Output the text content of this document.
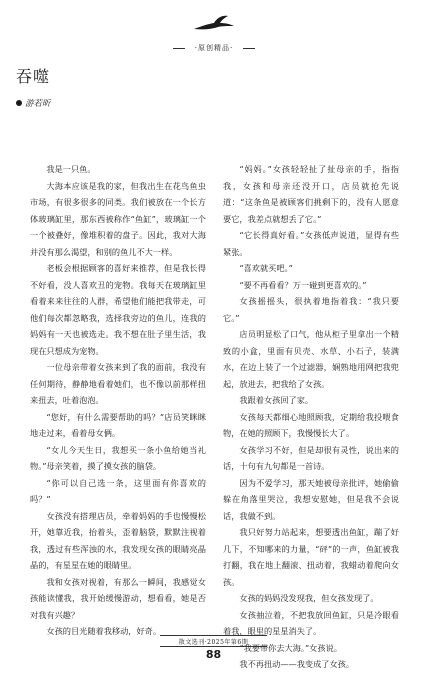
·原创精品·
吞噬
游若昕

我是一只鱼。

大海本应该是我的家，但我出生在花鸟鱼虫市场，有很多很多的同类。我们被放在一个长方体玻璃缸里，那东西被称作“鱼缸”，玻璃缸一个一个被叠好，像堆积着的盘子。因此，我对大海并没有那么渴望，和别的鱼儿不大一样。

老板会根据顾客的喜好来推荐，但是我长得不好看，没人喜欢丑的宠物。我每天在玻璃缸里看着来来往往的人群，希望他们能把我带走，可他们每次都忽略我，选择我旁边的鱼儿，连我的妈妈有一天也被选走。我不想在肚子里生活，我现在只想成为宠物。

一位母亲带着女孩来到了我的面前，我没有任何期待，静静地看着她们，也不像以前那样扭来扭去，吐着泡泡。

“您好，有什么需要帮助的吗？”店员笑眯眯地走过来，看着母女俩。

“女儿今天生日，我想买一条小鱼给她当礼物。”母亲笑着，摸了摸女孩的脑袋。

“你可以自己选一条，这里面有你喜欢的吗？”

女孩没有搭理店员，牵着妈妈的手也慢慢松开，她靠近我，抬着头，歪着脑袋，默默注视着我，透过有些浑浊的水，我发现女孩的眼睛亮晶晶的，有星星在她的眼睛里。

我和女孩对视着，有那么一瞬间，我感觉女孩能读懂我，我开始缓慢游动，想看看，她是否对我有兴趣？

女孩的目光随着我移动，好奇。

“妈妈。”女孩轻轻扯了扯母亲的手，指指我，女孩和母亲还没开口，店员就抢先说道：“这条鱼是被顾客们挑剩下的，没有人愿意要它，我差点就想丢了它。”

“它长得真好看。”女孩低声说道，显得有些紧张。

“喜欢就买吧。”

“要不再看看？万一碰到更喜欢的。”

女孩摇摇头，很执着地指着我：“我只要它。”

店员明显松了口气，他从柜子里拿出一个精致的小盒，里面有贝壳、水草、小石子，装满水，在边上装了一个过滤器，娴熟地用网把我兜起，放进去，把我给了女孩。

我跟着女孩回了家。

女孩每天都细心地照顾我，定期给我投喂食物，在她的照顾下，我慢慢长大了。

女孩学习不好，但是却很有灵性，说出来的话，十句有九句都是一首诗。

因为不爱学习，那天她被母亲批评，她偷偷躲在角落里哭泣，我想安慰她，但是我不会说话，我做不到。

我只好努力站起来，想要透出鱼缸，蹦了好几下，不知哪来的力量，“砰”的一声，鱼缸被我打翻，我在地上翻滚、扭动着，我蜡动着爬向女孩。

女孩的妈妈没发现我，但女孩发现了。

女孩抽泣着，不把我放回鱼缸，只是冷眼看着我，眼里的星星消失了。

“我要带你去大海。”女孩说。

我不再扭动——我变成了女孩。

散文选刊·2025年第6期
88
